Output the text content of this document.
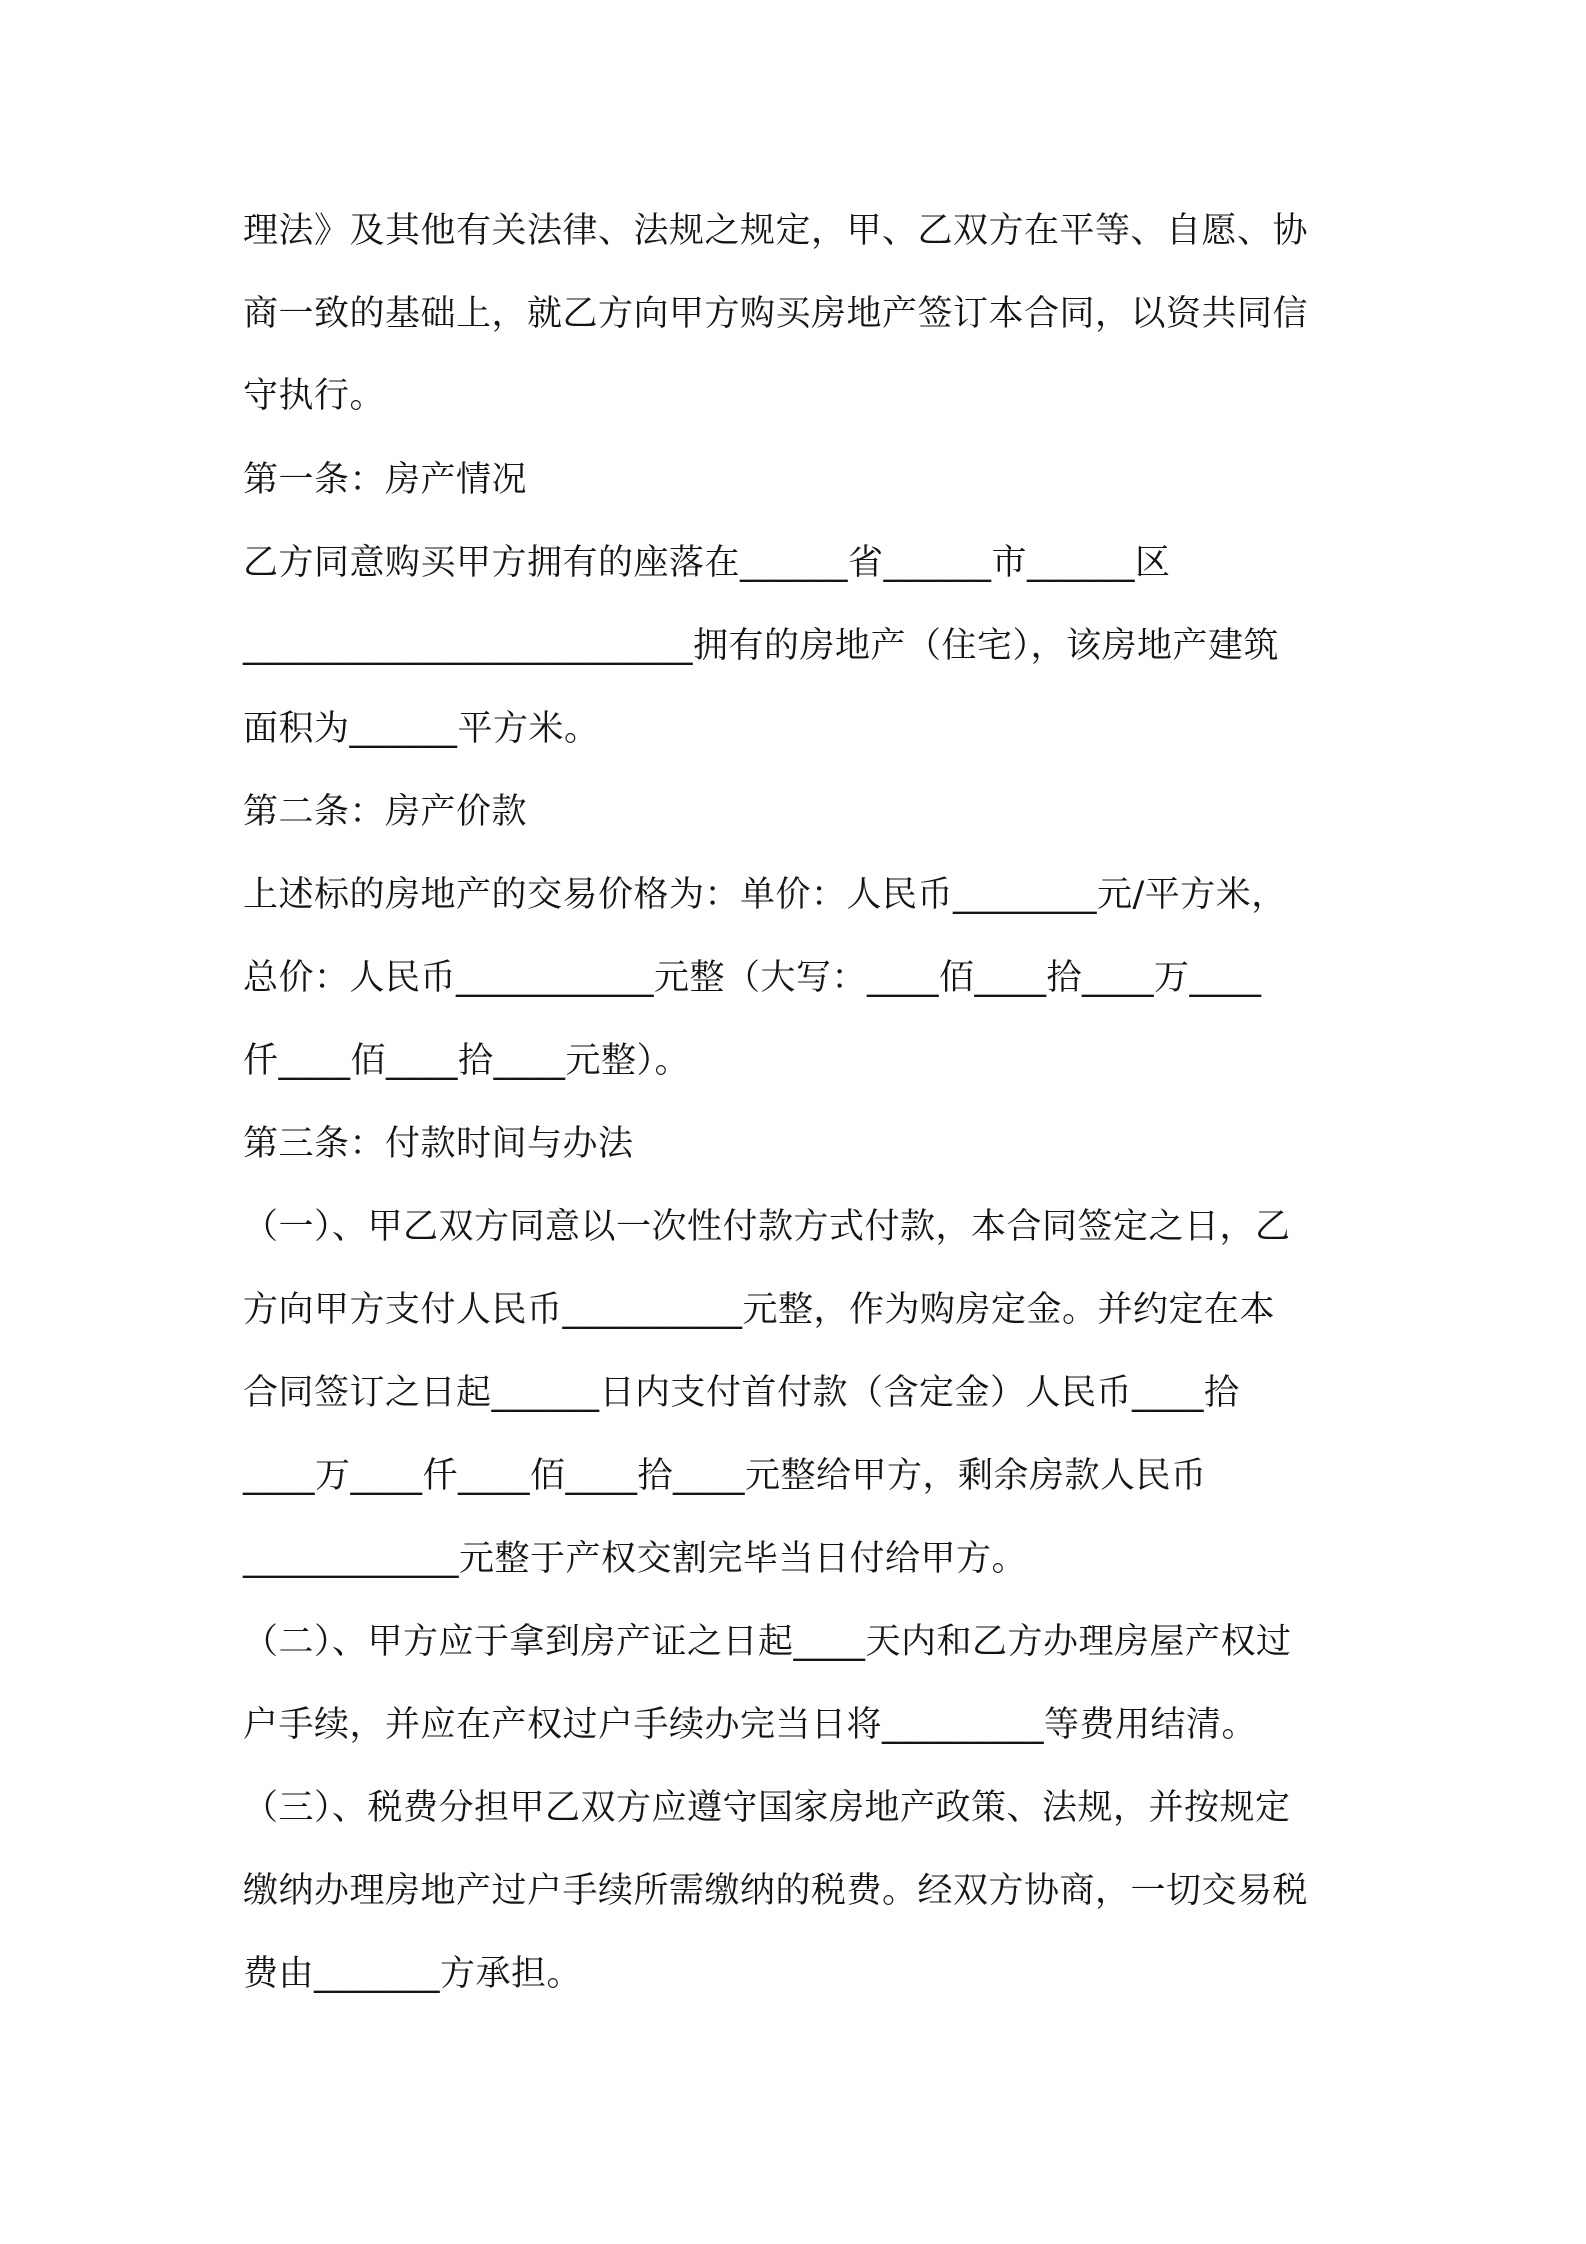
理法》及其他有关法律、法规之规定，甲、乙双方在平等、自愿、协
商一致的基础上，就乙方向甲方购买房地产签订本合同，以资共同信
守执行。
第一条：房产情况
乙方同意购买甲方拥有的座落在______省______市______区
_________________________拥有的房地产（住宅），该房地产建筑
面积为______平方米。
第二条：房产价款
上述标的房地产的交易价格为：单价：人民币________元/平方米，
总价：人民币___________元整（大写：____佰____拾____万____
仟____佰____拾____元整）。
第三条：付款时间与办法
（一）、甲乙双方同意以一次性付款方式付款，本合同签定之日，乙
方向甲方支付人民币__________元整，作为购房定金。并约定在本
合同签订之日起______日内支付首付款（含定金）人民币____拾
____万____仟____佰____拾____元整给甲方，剩余房款人民币
____________元整于产权交割完毕当日付给甲方。
（二）、甲方应于拿到房产证之日起____天内和乙方办理房屋产权过
户手续，并应在产权过户手续办完当日将_________等费用结清。
（三）、税费分担甲乙双方应遵守国家房地产政策、法规，并按规定
缴纳办理房地产过户手续所需缴纳的税费。经双方协商，一切交易税
费由_______方承担。
